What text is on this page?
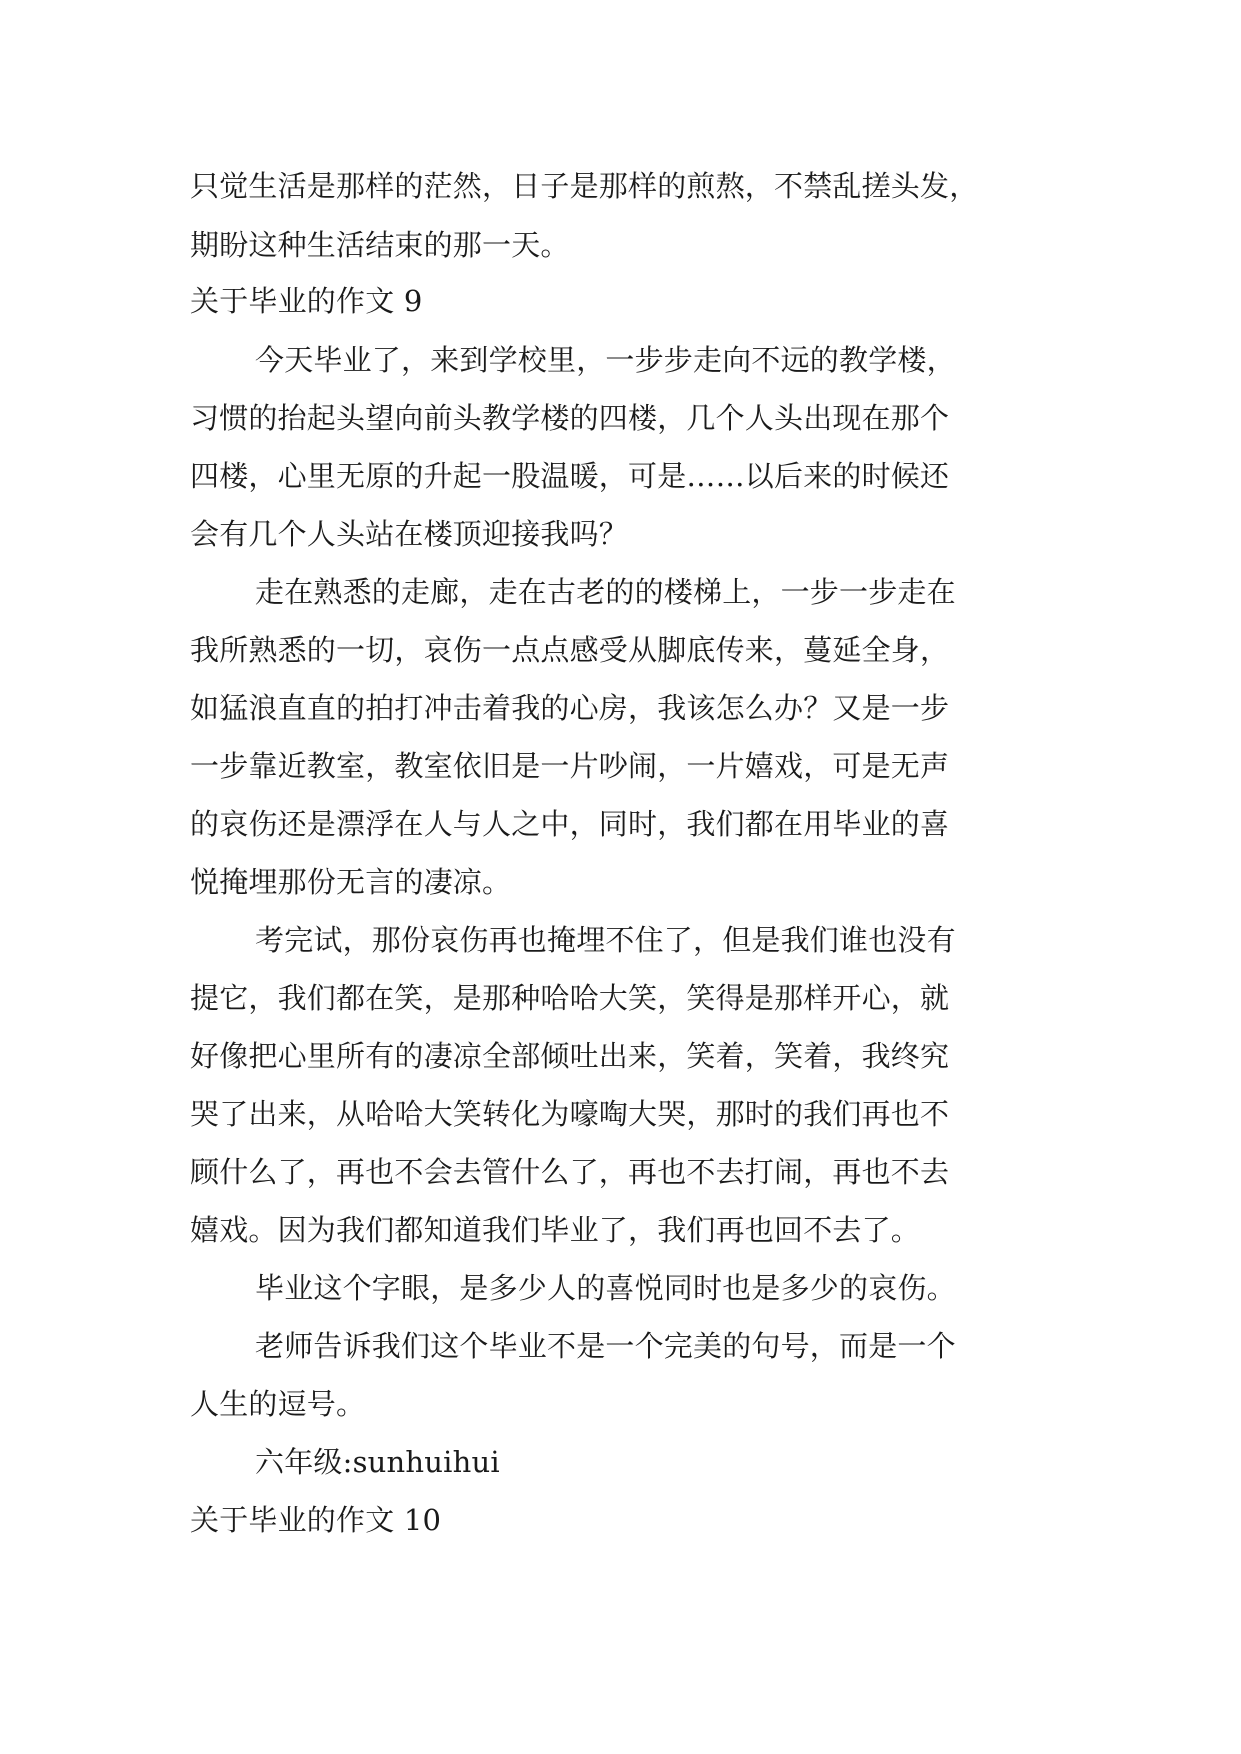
只觉生活是那样的茫然，日子是那样的煎熬，不禁乱搓头发，
期盼这种生活结束的那一天。
关于毕业的作文 9
今天毕业了，来到学校里，一步步走向不远的教学楼，
习惯的抬起头望向前头教学楼的四楼，几个人头出现在那个
四楼，心里无原的升起一股温暖，可是……以后来的时候还
会有几个人头站在楼顶迎接我吗？
走在熟悉的走廊，走在古老的的楼梯上，一步一步走在
我所熟悉的一切，哀伤一点点感受从脚底传来，蔓延全身，
如猛浪直直的拍打冲击着我的心房，我该怎么办？又是一步
一步靠近教室，教室依旧是一片吵闹，一片嬉戏，可是无声
的哀伤还是漂浮在人与人之中，同时，我们都在用毕业的喜
悦掩埋那份无言的凄凉。
考完试，那份哀伤再也掩埋不住了，但是我们谁也没有
提它，我们都在笑，是那种哈哈大笑，笑得是那样开心，就
好像把心里所有的凄凉全部倾吐出来，笑着，笑着，我终究
哭了出来，从哈哈大笑转化为嚎啕大哭，那时的我们再也不
顾什么了，再也不会去管什么了，再也不去打闹，再也不去
嬉戏。因为我们都知道我们毕业了，我们再也回不去了。
毕业这个字眼，是多少人的喜悦同时也是多少的哀伤。
老师告诉我们这个毕业不是一个完美的句号，而是一个
人生的逗号。
六年级:sunhuihui
关于毕业的作文 10
